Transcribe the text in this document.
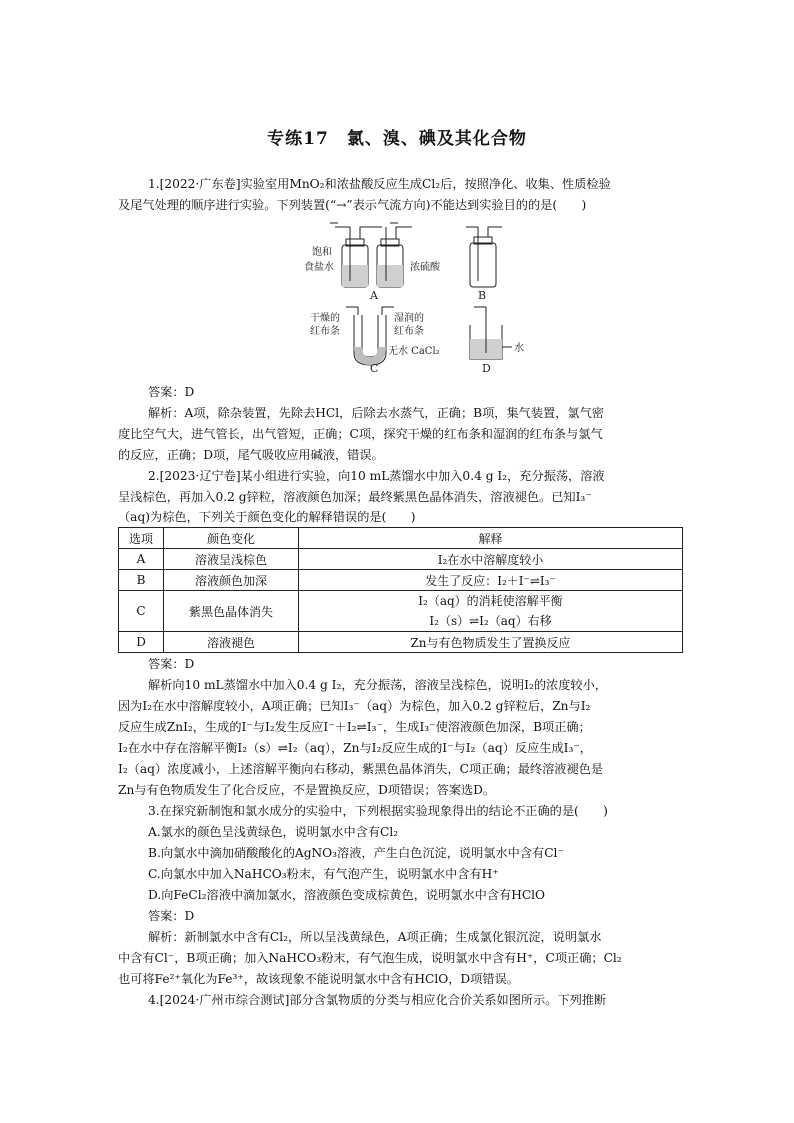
专练17　氯、溴、碘及其化合物
1.[2022·广东卷]实验室用MnO₂和浓盐酸反应生成Cl₂后，按照净化、收集、性质检验
及尾气处理的顺序进行实验。下列装置(“→”表示气流方向)不能达到实验目的的是(　　)
饱和
食盐水	浓硫酸
A	B
干燥的
红布条
湿润的
红布条
无水 CaCl₂
C
水
D
答案：D
解析：A项，除杂装置，先除去HCl，后除去水蒸气，正确；B项，集气装置，氯气密
度比空气大，进气管长，出气管短，正确；C项，探究干燥的红布条和湿润的红布条与氯气
的反应，正确；D项，尾气吸收应用碱液，错误。
2.[2023·辽宁卷]某小组进行实验，向10 mL蒸馏水中加入0.4 g I₂，充分振荡，溶液
呈浅棕色，再加入0.2 g锌粒，溶液颜色加深；最终紫黑色晶体消失，溶液褪色。已知I₃⁻
（aq)为棕色，下列关于颜色变化的解释错误的是(　　)
选项	颜色变化	解释
A	溶液呈浅棕色	I₂在水中溶解度较小
B	溶液颜色加深	发生了反应：I₂＋I⁻⇌I₃⁻
C	紫黑色晶体消失	I₂（aq）的消耗使溶解平衡
I₂（s）⇌I₂（aq）右移

D	溶液褪色	Zn与有色物质发生了置换反应
答案：D
解析向10 mL蒸馏水中加入0.4 g I₂，充分振荡，溶液呈浅棕色，说明I₂的浓度较小，
因为I₂在水中溶解度较小，A项正确；已知I₃⁻（aq）为棕色，加入0.2 g锌粒后，Zn与I₂
反应生成ZnI₂，生成的I⁻与I₂发生反应I⁻＋I₂⇌I₃⁻，生成I₃⁻使溶液颜色加深，B项正确；
I₂在水中存在溶解平衡I₂（s）⇌I₂（aq），Zn与I₂反应生成的I⁻与I₂（aq）反应生成I₃⁻，
I₂（aq）浓度减小，上述溶解平衡向右移动，紫黑色晶体消失，C项正确；最终溶液褪色是
Zn与有色物质发生了化合反应，不是置换反应，D项错误；答案选D。
3.在探究新制饱和氯水成分的实验中，下列根据实验现象得出的结论不正确的是(　　)
A.氯水的颜色呈浅黄绿色，说明氯水中含有Cl₂
B.向氯水中滴加硝酸酸化的AgNO₃溶液，产生白色沉淀，说明氯水中含有Cl⁻
C.向氯水中加入NaHCO₃粉末，有气泡产生，说明氯水中含有H⁺
D.向FeCl₂溶液中滴加氯水，溶液颜色变成棕黄色，说明氯水中含有HClO
答案：D
解析：新制氯水中含有Cl₂，所以呈浅黄绿色，A项正确；生成氯化银沉淀，说明氯水
中含有Cl⁻，B项正确；加入NaHCO₃粉末，有气泡生成，说明氯水中含有H⁺，C项正确；Cl₂
也可将Fe²⁺氧化为Fe³⁺，故该现象不能说明氯水中含有HClO，D项错误。
4.[2024·广州市综合测试]部分含氯物质的分类与相应化合价关系如图所示。下列推断
